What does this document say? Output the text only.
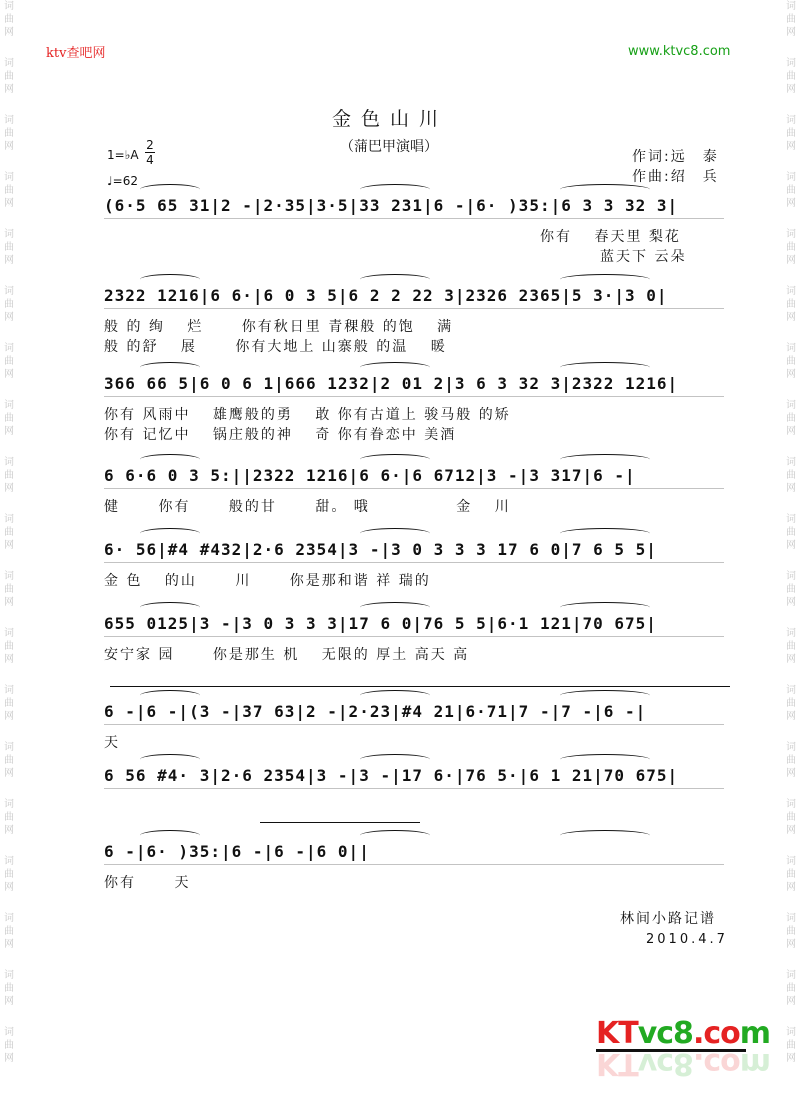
词
曲
网
词
曲
网
词
曲
网
词
曲
网
词
曲
网
词
曲
网
词
曲
网
词
曲
网
词
曲
网
词
曲
网
词
曲
网
词
曲
网
词
曲
网
词
曲
网
词
曲
网
词
曲
网
词
曲
网
词
曲
网
词
曲
网
词
曲
网
词
曲
网
词
曲
网
词
曲
网
词
曲
网
词
曲
网
词
曲
网
词
曲
网
词
曲
网
词
曲
网
词
曲
网
词
曲
网
词
曲
网
词
曲
网
词
曲
网
词
曲
网
词
曲
网
词
曲
网
词
曲
网
ktv查吧网	www.ktvc8.com
金色山川
（蒲巴甲演唱）
1=♭A
2
4
♩=62
作词:远　泰
作曲:绍　兵
(6·5 65 31|2 -|2·35|3·5|33 231|6 -|6· )35:|6 3 3 32 3|
你有　 春天里 梨花
蓝天下 云朵
2322 1216|6 6·|6 0 3 5|6 2 2 22 3|2326 2365|5 3·|3 0|
般 的 绚　 烂　　 你有秋日里 青稞般 的饱　 满
般 的舒　 展　　 你有大地上 山寨般 的温　 暖
366 66 5|6 0 6 1|666 1232|2 01 2|3 6 3 32 3|2322 1216|
你有 风雨中　 雄鹰般的勇　 敢 你有古道上 骏马般 的矫
你有 记忆中　 锅庄般的神　 奇 你有眷恋中 美酒
6 6·6 0 3 5:||2322 1216|6 6·|6 6712|3 -|3 317|6 -|
健　　 你有　　 般的甘　　 甜。 哦　　　　　 金　 川
6· 56|#4 #432|2·6 2354|3 -|3 0 3 3 3 17 6 0|7 6 5 5|
金 色　 的山　　 川　　 你是那和谐 祥 瑞的
655 0125|3 -|3 0 3 3 3|17 6 0|76 5 5|6·1 121|70 675|
安宁家 园　　 你是那生 机　 无限的 厚土 高天 高
6 -|6 -|(3 -|37 63|2 -|2·23|#4 21|6·71|7 -|7 -|6 -|
天
6 56 #4· 3|2·6 2354|3 -|3 -|17 6·|76 5·|6 1 21|70 675|
6 -|6· )35:|6 -|6 -|6 0||
你有　　 天
林间小路记谱
2010.4.7
KTvc8.com
KTvc8.com
